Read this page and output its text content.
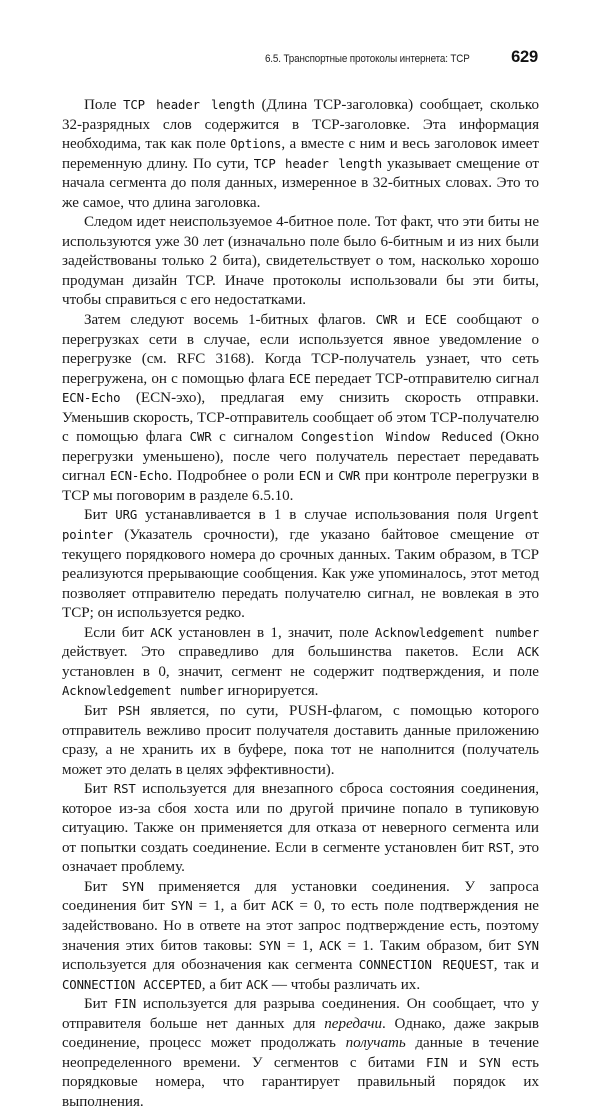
6.5. Транспортные протоколы интернета: TCP	629

Поле TCP header length (Длина TCP-заголовка) сообщает, сколько 32-разрядных слов содержится в TCP-заголовке. Эта информация необходима, так как поле Options, а вместе с ним и весь заголовок имеет переменную длину. По сути, TCP header length указывает смещение от начала сегмента до поля данных, измеренное в 32-битных словах. Это то же самое, что длина заголовка.

Следом идет неиспользуемое 4-битное поле. Тот факт, что эти биты не используются уже 30 лет (изначально поле было 6-битным и из них были задействованы только 2 бита), свидетельствует о том, насколько хорошо продуман дизайн TCP. Иначе протоколы использовали бы эти биты, чтобы справиться с его недостатками.

Затем следуют восемь 1-битных флагов. CWR и ECE сообщают о перегрузках сети в случае, если используется явное уведомление о перегрузке (см. RFC 3168). Когда TCP-получатель узнает, что сеть перегружена, он с помощью флага ECE передает TCP-отправителю сигнал ECN-Echo (ECN-эхо), предлагая ему снизить скорость отправки. Уменьшив скорость, TCP-отправитель сообщает об этом TCP-получателю с помощью флага CWR с сигналом Congestion Window Reduced (Окно перегрузки уменьшено), после чего получатель перестает передавать сигнал ECN-Echo. Подробнее о роли ECN и CWR при контроле перегрузки в TCP мы поговорим в разделе 6.5.10.

Бит URG устанавливается в 1 в случае использования поля Urgent pointer (Указатель срочности), где указано байтовое смещение от текущего порядкового номера до срочных данных. Таким образом, в TCP реализуются прерывающие сообщения. Как уже упоминалось, этот метод позволяет отправителю передать получателю сигнал, не вовлекая в это TCP; он используется редко.

Если бит ACK установлен в 1, значит, поле Acknowledgement number действует. Это справедливо для большинства пакетов. Если ACK установлен в 0, значит, сегмент не содержит подтверждения, и поле Acknowledgement number игнорируется.

Бит PSH является, по сути, PUSH-флагом, с помощью которого отправитель вежливо просит получателя доставить данные приложению сразу, а не хранить их в буфере, пока тот не наполнится (получатель может это делать в целях эффективности).

Бит RST используется для внезапного сброса состояния соединения, которое из-за сбоя хоста или по другой причине попало в тупиковую ситуацию. Также он применяется для отказа от неверного сегмента или от попытки создать соединение. Если в сегменте установлен бит RST, это означает проблему.

Бит SYN применяется для установки соединения. У запроса соединения бит SYN = 1, а бит ACK = 0, то есть поле подтверждения не задействовано. Но в ответе на этот запрос подтверждение есть, поэтому значения этих битов таковы: SYN = 1, ACK = 1. Таким образом, бит SYN используется для обозначения как сегмента CONNECTION REQUEST, так и CONNECTION ACCEPTED, а бит ACK — чтобы различать их.

Бит FIN используется для разрыва соединения. Он сообщает, что у отправителя больше нет данных для передачи. Однако, даже закрыв соединение, процесс может продолжать получать данные в течение неопределенного времени. У сегментов с битами FIN и SYN есть порядковые номера, что гарантирует правильный порядок их выполнения.
